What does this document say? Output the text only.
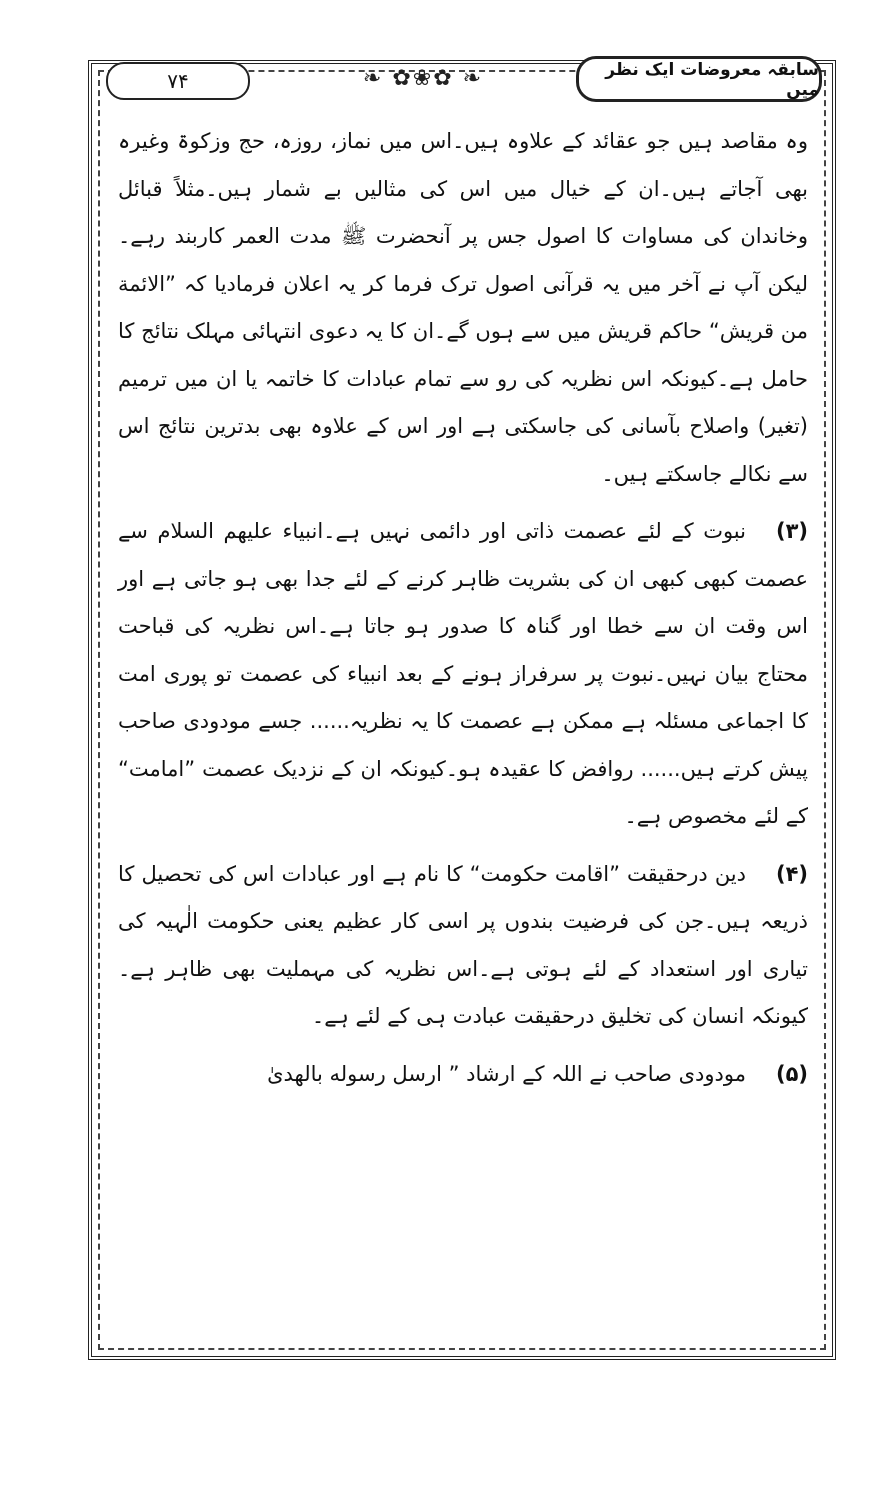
۷۴	❧ ✿❀✿ ❧	سابقہ معروضات ایک نظر میں

وہ مقاصد ہیں جو عقائد کے علاوہ ہیں۔اس میں نماز، روزہ، حج وزکوۃ وغیرہ بھی آجاتے ہیں۔ان کے خیال میں اس کی مثالیں بے شمار ہیں۔مثلاً قبائل وخاندان کی مساوات کا اصول جس پر آنحضرت ﷺ مدت العمر کاربند رہے۔لیکن آپ نے آخر میں یہ قرآنی اصول ترک فرما کر یہ اعلان فرمادیا کہ ”الائمة من قریش“ حاکم قریش میں سے ہوں گے۔ان کا یہ دعوی انتہائی مہلک نتائج کا حامل ہے۔کیونکہ اس نظریہ کی رو سے تمام عبادات کا خاتمہ یا ان میں ترمیم (تغیر) واصلاح بآسانی کی جاسکتی ہے اور اس کے علاوہ بھی بدترین نتائج اس سے نکالے جاسکتے ہیں۔

(۳)نبوت کے لئے عصمت ذاتی اور دائمی نہیں ہے۔انبیاء علیھم السلام سے عصمت کبھی کبھی ان کی بشریت ظاہر کرنے کے لئے جدا بھی ہو جاتی ہے اور اس وقت ان سے خطا اور گناہ کا صدور ہو جاتا ہے۔اس نظریہ کی قباحت محتاج بیان نہیں۔نبوت پر سرفراز ہونے کے بعد انبیاء کی عصمت تو پوری امت کا اجماعی مسئلہ ہے ممکن ہے عصمت کا یہ نظریہ...... جسے مودودی صاحب پیش کرتے ہیں...... روافض کا عقیدہ ہو۔کیونکہ ان کے نزدیک عصمت ”امامت“ کے لئے مخصوص ہے۔

(۴)دین درحقیقت ”اقامت حکومت“ کا نام ہے اور عبادات اس کی تحصیل کا ذریعہ ہیں۔جن کی فرضیت بندوں پر اسی کار عظیم یعنی حکومت الٰہیہ کی تیاری اور استعداد کے لئے ہوتی ہے۔اس نظریہ کی مہملیت بھی ظاہر ہے۔کیونکہ انسان کی تخلیق درحقیقت عبادت ہی کے لئے ہے۔

(۵)مودودی صاحب نے اللہ کے ارشاد ” ارسل رسوله بالهدیٰ
